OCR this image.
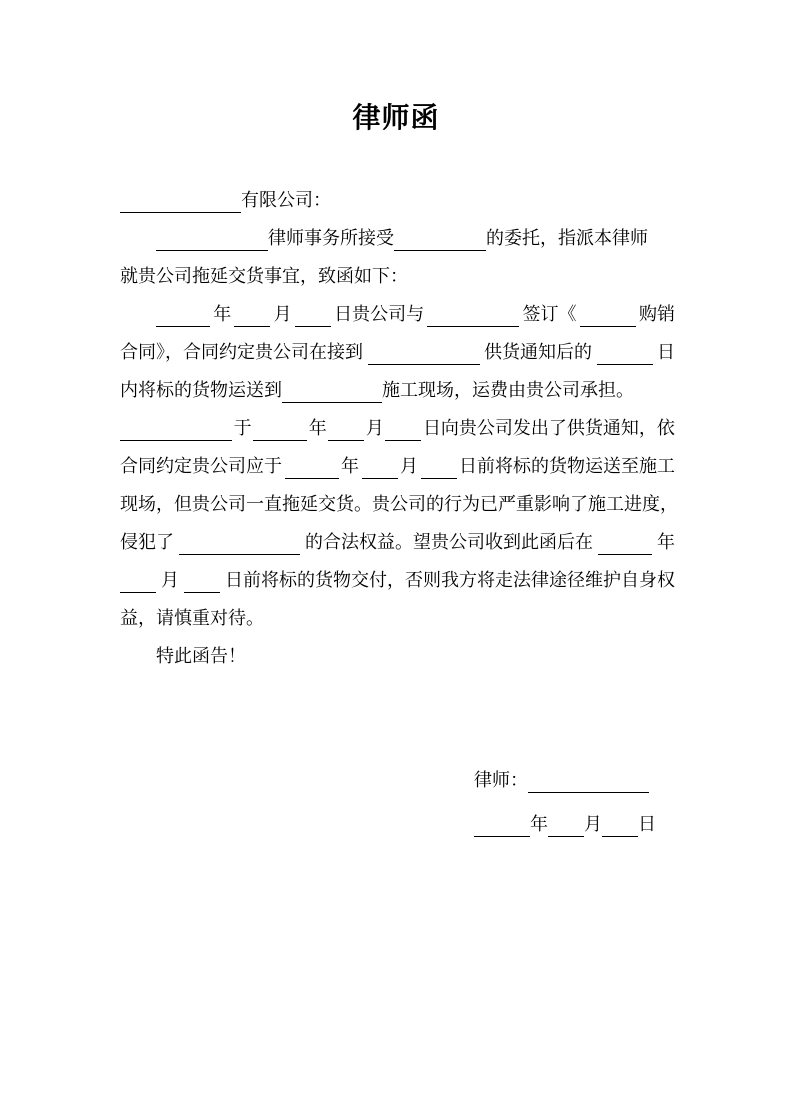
律师函
有限公司：
律师事务所接受	的委托，指派本律师
就贵公司拖延交货事宜，致函如下：
年 月 日贵公司与	签订《	购销
合同》，合同约定贵公司在接到	供货通知后的	日
内将标的货物运送到	施工现场，运费由贵公司承担。
于	年 月 日向贵公司发出了供货通知，依
合同约定贵公司应于	年 月 日前将标的货物运送至施工
现场，但贵公司一直拖延交货。贵公司的行为已严重影响了施工进度，
侵犯了	的合法权益。望贵公司收到此函后在	年
月	日前将标的货物交付，否则我方将走法律途径维护自身权
益，请慎重对待。
特此函告！
律师：
年 月 日
